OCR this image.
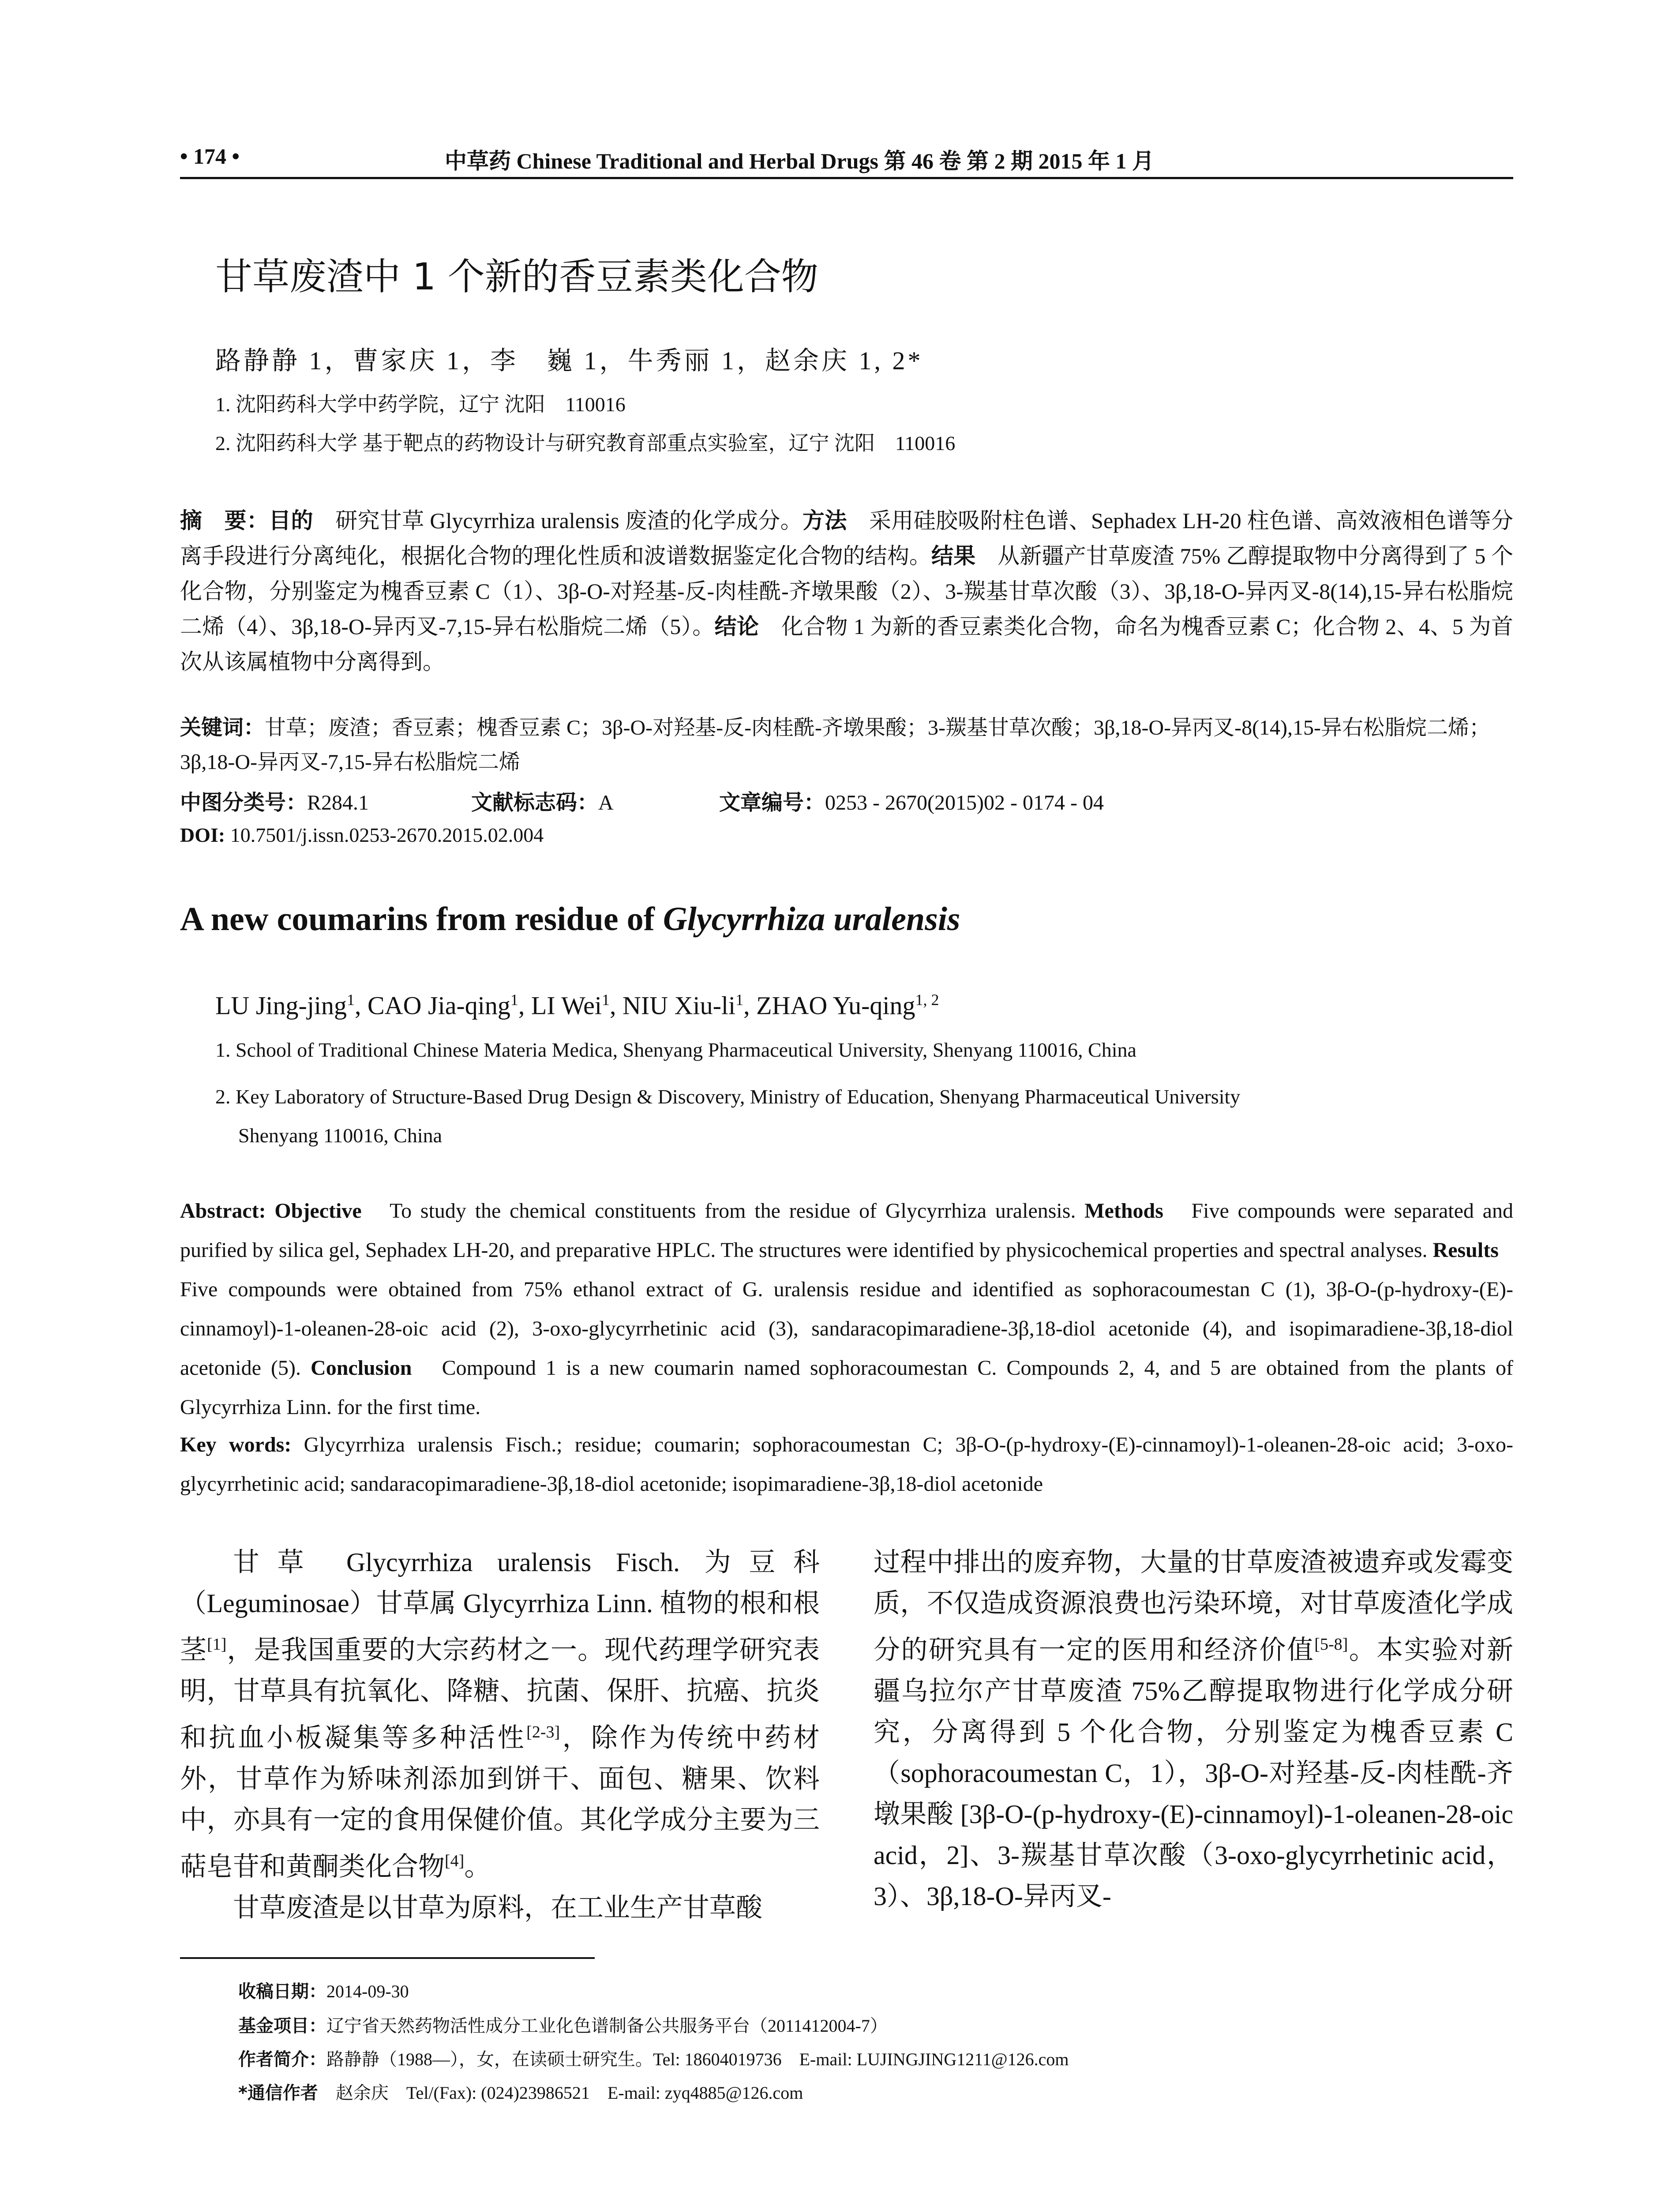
• 174 •	中草药 Chinese Traditional and Herbal Drugs 第 46 卷 第 2 期 2015 年 1 月
甘草废渣中 1 个新的香豆素类化合物
路静静 1，曹家庆 1，李　巍 1，牛秀丽 1，赵余庆 1, 2*
1. 沈阳药科大学中药学院，辽宁 沈阳　110016
2. 沈阳药科大学 基于靶点的药物设计与研究教育部重点实验室，辽宁 沈阳　110016
摘　要：目的　研究甘草 Glycyrrhiza uralensis 废渣的化学成分。方法　采用硅胶吸附柱色谱、Sephadex LH-20 柱色谱、高效液相色谱等分离手段进行分离纯化，根据化合物的理化性质和波谱数据鉴定化合物的结构。结果　从新疆产甘草废渣 75% 乙醇提取物中分离得到了 5 个化合物，分别鉴定为槐香豆素 C（1）、3β-O-对羟基-反-肉桂酰-齐墩果酸（2）、3-羰基甘草次酸（3）、3β,18-O-异丙叉-8(14),15-异右松脂烷二烯（4）、3β,18-O-异丙叉-7,15-异右松脂烷二烯（5）。结论　化合物 1 为新的香豆素类化合物，命名为槐香豆素 C；化合物 2、4、5 为首次从该属植物中分离得到。
关键词：甘草；废渣；香豆素；槐香豆素 C；3β-O-对羟基-反-肉桂酰-齐墩果酸；3-羰基甘草次酸；3β,18-O-异丙叉-8(14),15-异右松脂烷二烯；3β,18-O-异丙叉-7,15-异右松脂烷二烯
中图分类号：R284.1	文献标志码：A	文章编号：0253 - 2670(2015)02 - 0174 - 04
DOI: 10.7501/j.issn.0253-2670.2015.02.004
A new coumarins from residue of Glycyrrhiza uralensis
LU Jing-jing$^1$, CAO Jia-qing$^1$, LI Wei$^1$, NIU Xiu-$li^1$, ZHAO Yu-qing$^{1, 2}$
1. School of Traditional Chinese Materia Medica, Shenyang Pharmaceutical University, Shenyang 110016, China
2. Key Laboratory of Structure-Based Drug Design & Discovery, Ministry of Education, Shenyang Pharmaceutical University
Shenyang 110016, China
Abstract: Objective　To study the chemical constituents from the residue of Glycyrrhiza uralensis. Methods　Five compounds were separated and purified by silica gel, Sephadex LH-20, and preparative HPLC. The structures were identified by physicochemical properties and spectral analyses. Results　Five compounds were obtained from 75% ethanol extract of G. uralensis residue and identified as sophoracoumestan C (1), 3β-O-(p-hydroxy-(E)-cinnamoyl)-1-oleanen-28-oic acid (2), 3-oxo-glycyrrhetinic acid (3), sandaracopimaradiene-3β,18-diol acetonide (4), and isopimaradiene-3β,18-diol acetonide (5). Conclusion　Compound 1 is a new coumarin named sophoracoumestan C. Compounds 2, 4, and 5 are obtained from the plants of Glycyrrhiza Linn. for the first time.
Key words: Glycyrrhiza uralensis Fisch.; residue; coumarin; sophoracoumestan C; 3β-O-(p-hydroxy-(E)-cinnamoyl)-1-oleanen-28-oic acid; 3-oxo-glycyrrhetinic acid; sandaracopimaradiene-3β,18-diol acetonide; isopimaradiene-3β,18-diol acetonide

甘草 Glycyrrhiza uralensis Fisch. 为豆科（Leguminosae）甘草属 Glycyrrhiza Linn. 植物的根和根茎[1]，是我国重要的大宗药材之一。现代药理学研究表明，甘草具有抗氧化、降糖、抗菌、保肝、抗癌、抗炎和抗血小板凝集等多种活性[2-3]，除作为传统中药材外，甘草作为矫味剂添加到饼干、面包、糖果、饮料中，亦具有一定的食用保健价值。其化学成分主要为三萜皂苷和黄酮类化合物[4]。

甘草废渣是以甘草为原料，在工业生产甘草酸

过程中排出的废弃物，大量的甘草废渣被遗弃或发霉变质，不仅造成资源浪费也污染环境，对甘草废渣化学成分的研究具有一定的医用和经济价值[5-8]。本实验对新疆乌拉尔产甘草废渣 75%乙醇提取物进行化学成分研究，分离得到 5 个化合物，分别鉴定为槐香豆素 C（sophoracoumestan C，1），3β-O-对羟基-反-肉桂酰-齐墩果酸 [3β-O-(p-hydroxy-(E)-cinnamoyl)-1-oleanen-28-oic acid，2]、3-羰基甘草次酸（3-oxo-glycyrrhetinic acid，3）、3β,18-O-异丙叉-

收稿日期：2014-09-30
基金项目：辽宁省天然药物活性成分工业化色谱制备公共服务平台（2011412004-7）
作者简介：路静静（1988—），女，在读硕士研究生。Tel: 18604019736　E-mail: LUJINGJING1211@126.com
*通信作者　赵余庆　Tel/(Fax): (024)23986521　E-mail: zyq4885@126.com
